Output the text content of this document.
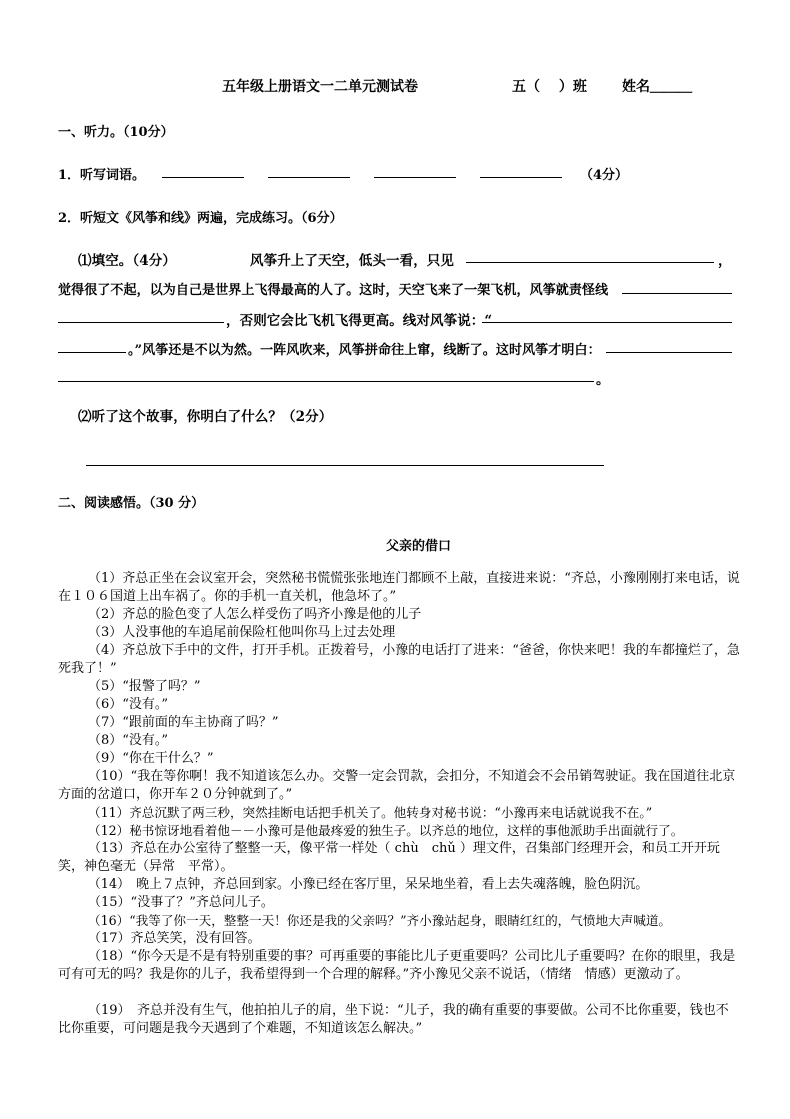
五年级上册语文一二单元测试卷	五（　 ）班	姓名＿＿＿
一、听力。（10分）
1．听写词语。	（4分）
2．听短文《风筝和线》两遍，完成练习。（6分）
⑴填空。（4分）	风筝升上了天空，低头一看，只见	，
觉得很了不起，以为自己是世界上飞得最高的人了。这时，天空飞来了一架飞机，风筝就责怪线
，否则它会比飞机飞得更高。线对风筝说：“
。”风筝还是不以为然。一阵风吹来，风筝拼命往上窜，线断了。这时风筝才明白：
。
⑵听了这个故事，你明白了什么？（2分）
二、阅读感悟。（30 分）
父亲的借口
（1）齐总正坐在会议室开会，突然秘书慌慌张张地连门都顾不上敲，直接进来说：“齐总，小豫刚刚打来电话，说在１０６国道上出车祸了。你的手机一直关机，他急坏了。”
（2）齐总的脸色变了人怎么样受伤了吗齐小豫是他的儿子
（3）人没事他的车追尾前保险杠他叫你马上过去处理
（4）齐总放下手中的文件，打开手机。正拨着号，小豫的电话打了进来：“爸爸，你快来吧！我的车都撞烂了，急死我了！”
（5）“报警了吗？”
（6）“没有。”
（7）“跟前面的车主协商了吗？”
（8）“没有。”
（9）“你在干什么？”
（10）“我在等你啊！我不知道该怎么办。交警一定会罚款，会扣分，不知道会不会吊销驾驶证。我在国道往北京方面的岔道口，你开车２０分钟就到了。”
（11）齐总沉默了两三秒，突然挂断电话把手机关了。他转身对秘书说：“小豫再来电话就说我不在。”
（12）秘书惊讶地看着他－－小豫可是他最疼爱的独生子。以齐总的地位，这样的事他派助手出面就行了。
（13）齐总在办公室待了整整一天，像平常一样处（ chù　chǔ ）理文件，召集部门经理开会，和员工开开玩笑，神色毫无（异常　平常）。
（14）　晚上７点钟，齐总回到家。小豫已经在客厅里，呆呆地坐着，看上去失魂落魄，脸色阴沉。
（15）“没事了？”齐总问儿子。
（16）“我等了你一天，整整一天！你还是我的父亲吗？”齐小豫站起身，眼睛红红的，气愤地大声喊道。
（17）齐总笑笑，没有回答。
（18）“你今天是不是有特别重要的事？可再重要的事能比儿子更重要吗？公司比儿子重要吗？在你的眼里，我是可有可无的吗？我是你的儿子，我希望得到一个合理的解释。”齐小豫见父亲不说话，（情绪　情感）更激动了。
（19）　齐总并没有生气，他拍拍儿子的肩，坐下说：“儿子，我的确有重要的事要做。公司不比你重要，钱也不比你重要，可问题是我今天遇到了个难题，不知道该怎么解决。”
